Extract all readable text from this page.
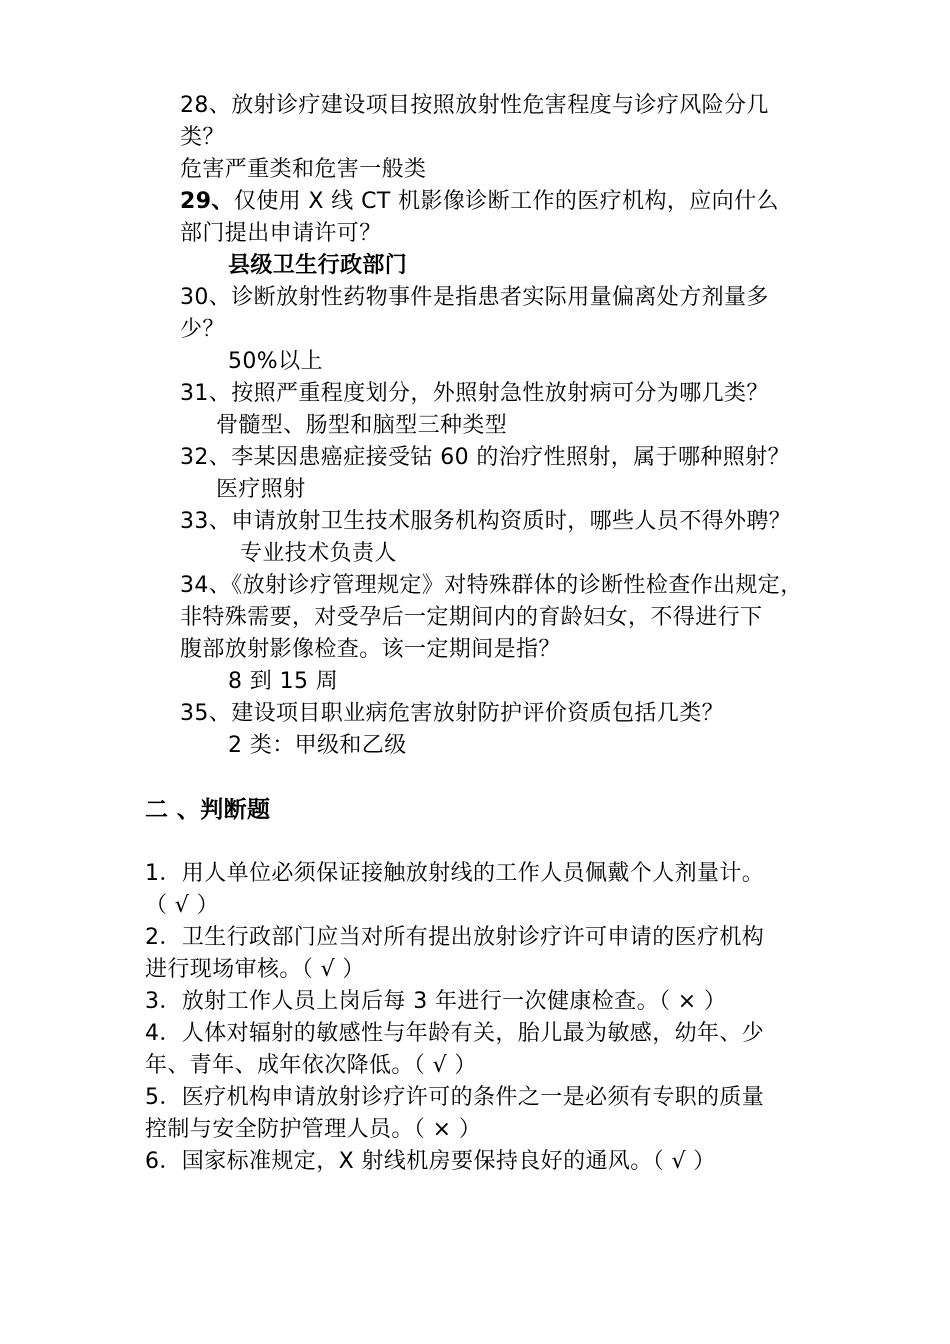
28、放射诊疗建设项目按照放射性危害程度与诊疗风险分几
类？
危害严重类和危害一般类
29、仅使用 X 线 CT 机影像诊断工作的医疗机构，应向什么
部门提出申请许可？
县级卫生行政部门
30、诊断放射性药物事件是指患者实际用量偏离处方剂量多
少？
50%以上
31、按照严重程度划分，外照射急性放射病可分为哪几类？
骨髓型、肠型和脑型三种类型
32、李某因患癌症接受钴 60 的治疗性照射，属于哪种照射？
医疗照射
33、申请放射卫生技术服务机构资质时，哪些人员不得外聘？
专业技术负责人
34、《放射诊疗管理规定》对特殊群体的诊断性检查作出规定，
非特殊需要，对受孕后一定期间内的育龄妇女，不得进行下
腹部放射影像检查。该一定期间是指？
8 到 15 周
35、建设项目职业病危害放射防护评价资质包括几类？
2 类：甲级和乙级
二 、判断题
1．用人单位必须保证接触放射线的工作人员佩戴个人剂量计。
（ √ ）
2．卫生行政部门应当对所有提出放射诊疗许可申请的医疗机构
进行现场审核。（ √ ）
3．放射工作人员上岗后每 3 年进行一次健康检查。（ × ）
4．人体对辐射的敏感性与年龄有关，胎儿最为敏感，幼年、少
年、青年、成年依次降低。（ √ ）
5．医疗机构申请放射诊疗许可的条件之一是必须有专职的质量
控制与安全防护管理人员。（ × ）
6．国家标准规定，X 射线机房要保持良好的通风。（ √ ）
